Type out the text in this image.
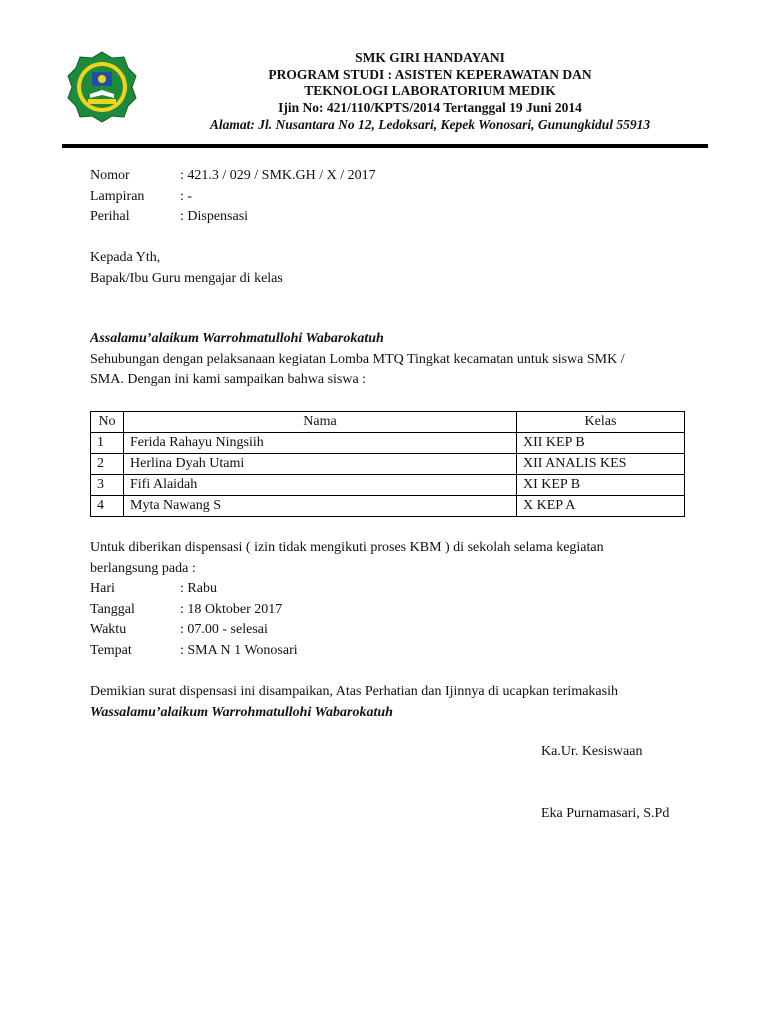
SMK GIRI HANDAYANI
PROGRAM STUDI : ASISTEN KEPERAWATAN DAN
TEKNOLOGI LABORATORIUM MEDIK
Ijin No: 421/110/KPTS/2014 Tertanggal 19 Juni 2014
Alamat: Jl. Nusantara No 12, Ledoksari, Kepek Wonosari, Gunungkidul 55913
Nomor	: 421.3 / 029 / SMK.GH / X / 2017
Lampiran	: -
Perihal	: Dispensasi
Kepada Yth,
Bapak/Ibu Guru mengajar di kelas
Assalamu’alaikum Warrohmatullohi Wabarokatuh
Sehubungan dengan pelaksanaan kegiatan Lomba MTQ Tingkat kecamatan untuk siswa SMK /
SMA. Dengan ini kami sampaikan bahwa siswa :
No	Nama	Kelas
1	Ferida Rahayu Ningsiih	XII KEP B
2	Herlina Dyah Utami	XII ANALIS KES
3	Fifi Alaidah	XI KEP B
4	Myta Nawang S	X KEP A
Untuk diberikan dispensasi ( izin tidak mengikuti proses KBM ) di sekolah selama kegiatan
berlangsung pada :
Hari	: Rabu
Tanggal	: 18 Oktober 2017
Waktu	: 07.00 - selesai
Tempat	: SMA N 1 Wonosari
Demikian surat dispensasi ini disampaikan, Atas Perhatian dan Ijinnya di ucapkan terimakasih
Wassalamu’alaikum Warrohmatullohi Wabarokatuh
Ka.Ur. Kesiswaan
Eka Purnamasari, S.Pd
